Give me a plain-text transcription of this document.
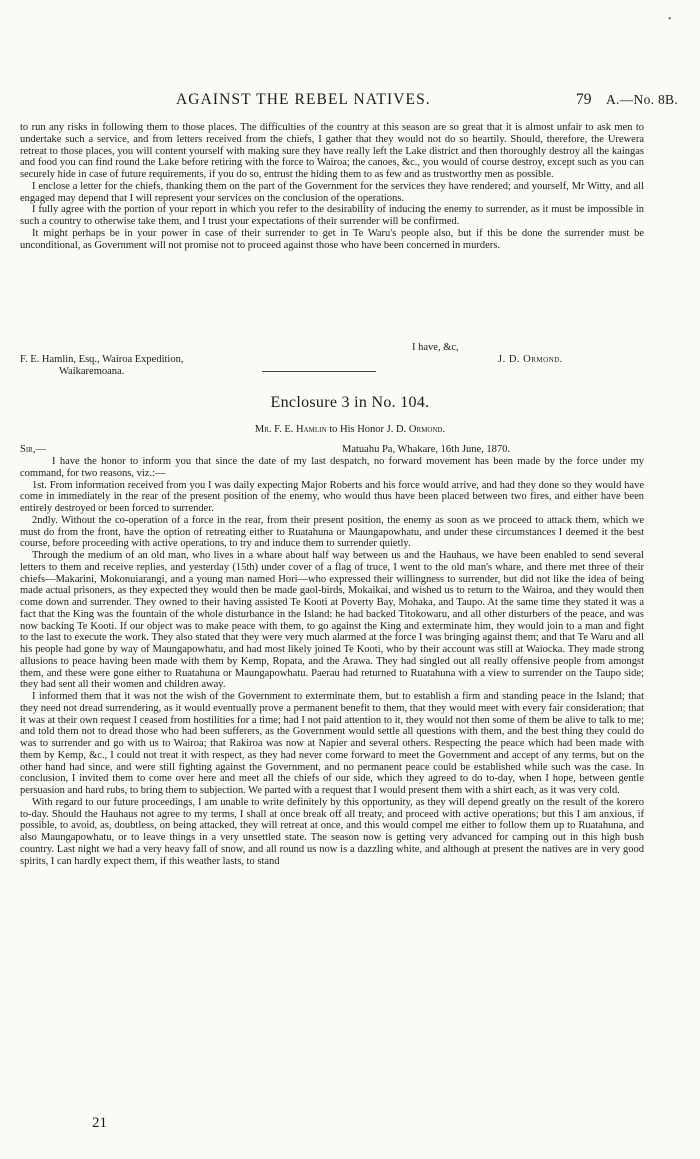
•
AGAINST THE REBEL NATIVES.	79 A.—No. 8B.

to run any risks in following them to those places. The difficulties of the country at this season are so great that it is almost unfair to ask men to undertake such a service, and from letters received from the chiefs, I gather that they would not do so heartily. Should, therefore, the Urewera retreat to those places, you will content yourself with making sure they have really left the Lake district and then thoroughly destroy all the kaingas and food you can find round the Lake before retiring with the force to Wairoa; the canoes, &c., you would of course destroy, except such as you can securely hide in case of future requirements, if you do so, entrust the hiding them to as few and as trustworthy men as possible.

I enclose a letter for the chiefs, thanking them on the part of the Government for the services they have rendered; and yourself, Mr Witty, and all engaged may depend that I will represent your services on the conclusion of the operations.

I fully agree with the portion of your report in which you refer to the desirability of inducing the enemy to surrender, as it must be impossible in such a country to otherwise take them, and I trust your expectations of their surrender will be confirmed.

It might perhaps be in your power in case of their surrender to get in Te Waru's people also, but if this be done the surrender must be unconditional, as Government will not promise not to proceed against those who have been concerned in murders.

I have, &c,
F. E. Hamlin, Esq., Wairoa Expedition,	J. D. Ormond.
Waikaremoana.
Enclosure 3 in No. 104.
Mr. F. E. Hamlin to His Honor J. D. Ormond.
Sir,—	Matuahu Pa, Whakare, 16th June, 1870.

I have the honor to inform you that since the date of my last despatch, no forward movement has been made by the force under my command, for two reasons, viz.:—

1st. From information received from you I was daily expecting Major Roberts and his force would arrive, and had they done so they would have come in immediately in the rear of the present position of the enemy, who would thus have been placed between two fires, and either have been entirely destroyed or been forced to surrender.

2ndly. Without the co-operation of a force in the rear, from their present position, the enemy as soon as we proceed to attack them, which we must do from the front, have the option of retreating either to Ruatahuna or Maungapowhatu, and under these circumstances I deemed it the best course, before proceeding with active operations, to try and induce them to surrender quietly.

Through the medium of an old man, who lives in a whare about half way between us and the Hauhaus, we have been enabled to send several letters to them and receive replies, and yesterday (15th) under cover of a flag of truce, I went to the old man's whare, and there met three of their chiefs—Makarini, Mokonuiarangi, and a young man named Hori—who expressed their willingness to surrender, but did not like the idea of being made actual prisoners, as they expected they would then be made gaol-birds, Mokaikai, and wished us to return to the Wairoa, and they would then come down and surrender. They owned to their having assisted Te Kooti at Poverty Bay, Mohaka, and Taupo. At the same time they stated it was a fact that the King was the fountain of the whole disturbance in the Island: he had backed Titokowaru, and all other disturbers of the peace, and was now backing Te Kooti. If our object was to make peace with them, to go against the King and exterminate him, they would join to a man and fight to the last to execute the work. They also stated that they were very much alarmed at the force I was bringing against them; and that Te Waru and all his people had gone by way of Maungapowhatu, and had most likely joined Te Kooti, who by their account was still at Waiocka. They made strong allusions to peace having been made with them by Kemp, Ropata, and the Arawa. They had singled out all really offensive people from amongst them, and these were gone either to Ruatahuna or Maungapowhatu. Paerau had returned to Ruatahuna with a view to surrender on the Taupo side; they had sent all their women and children away.

I informed them that it was not the wish of the Government to exterminate them, but to establish a firm and standing peace in the Island; that they need not dread surrendering, as it would eventually prove a permanent benefit to them, that they would meet with every fair consideration; that it was at their own request I ceased from hostilities for a time; had I not paid attention to it, they would not then some of them be alive to talk to me; and told them not to dread those who had been sufferers, as the Government would settle all questions with them, and the best thing they could do was to surrender and go with us to Wairoa; that Rakiroa was now at Napier and several others. Respecting the peace which had been made with them by Kemp, &c., I could not treat it with respect, as they had never come forward to meet the Government and accept of any terms, but on the other hand had since, and were still fighting against the Government, and no permanent peace could be established while such was the case. In conclusion, I invited them to come over here and meet all the chiefs of our side, which they agreed to do to-day, when I hope, between gentle persuasion and hard rubs, to bring them to subjection. We parted with a request that I would present them with a shirt each, as it was very cold.

With regard to our future proceedings, I am unable to write definitely by this opportunity, as they will depend greatly on the result of the korero to-day. Should the Hauhaus not agree to my terms, I shall at once break off all treaty, and proceed with active operations; but this I am anxious, if possible, to avoid, as, doubtless, on being attacked, they will retreat at once, and this would compel me either to follow them up to Ruatahuna, and also Maungapowhatu, or to leave things in a very unsettled state. The season now is getting very advanced for camping out in this high bush country. Last night we had a very heavy fall of snow, and all round us now is a dazzling white, and although at present the natives are in very good spirits, I can hardly expect them, if this weather lasts, to stand

21
